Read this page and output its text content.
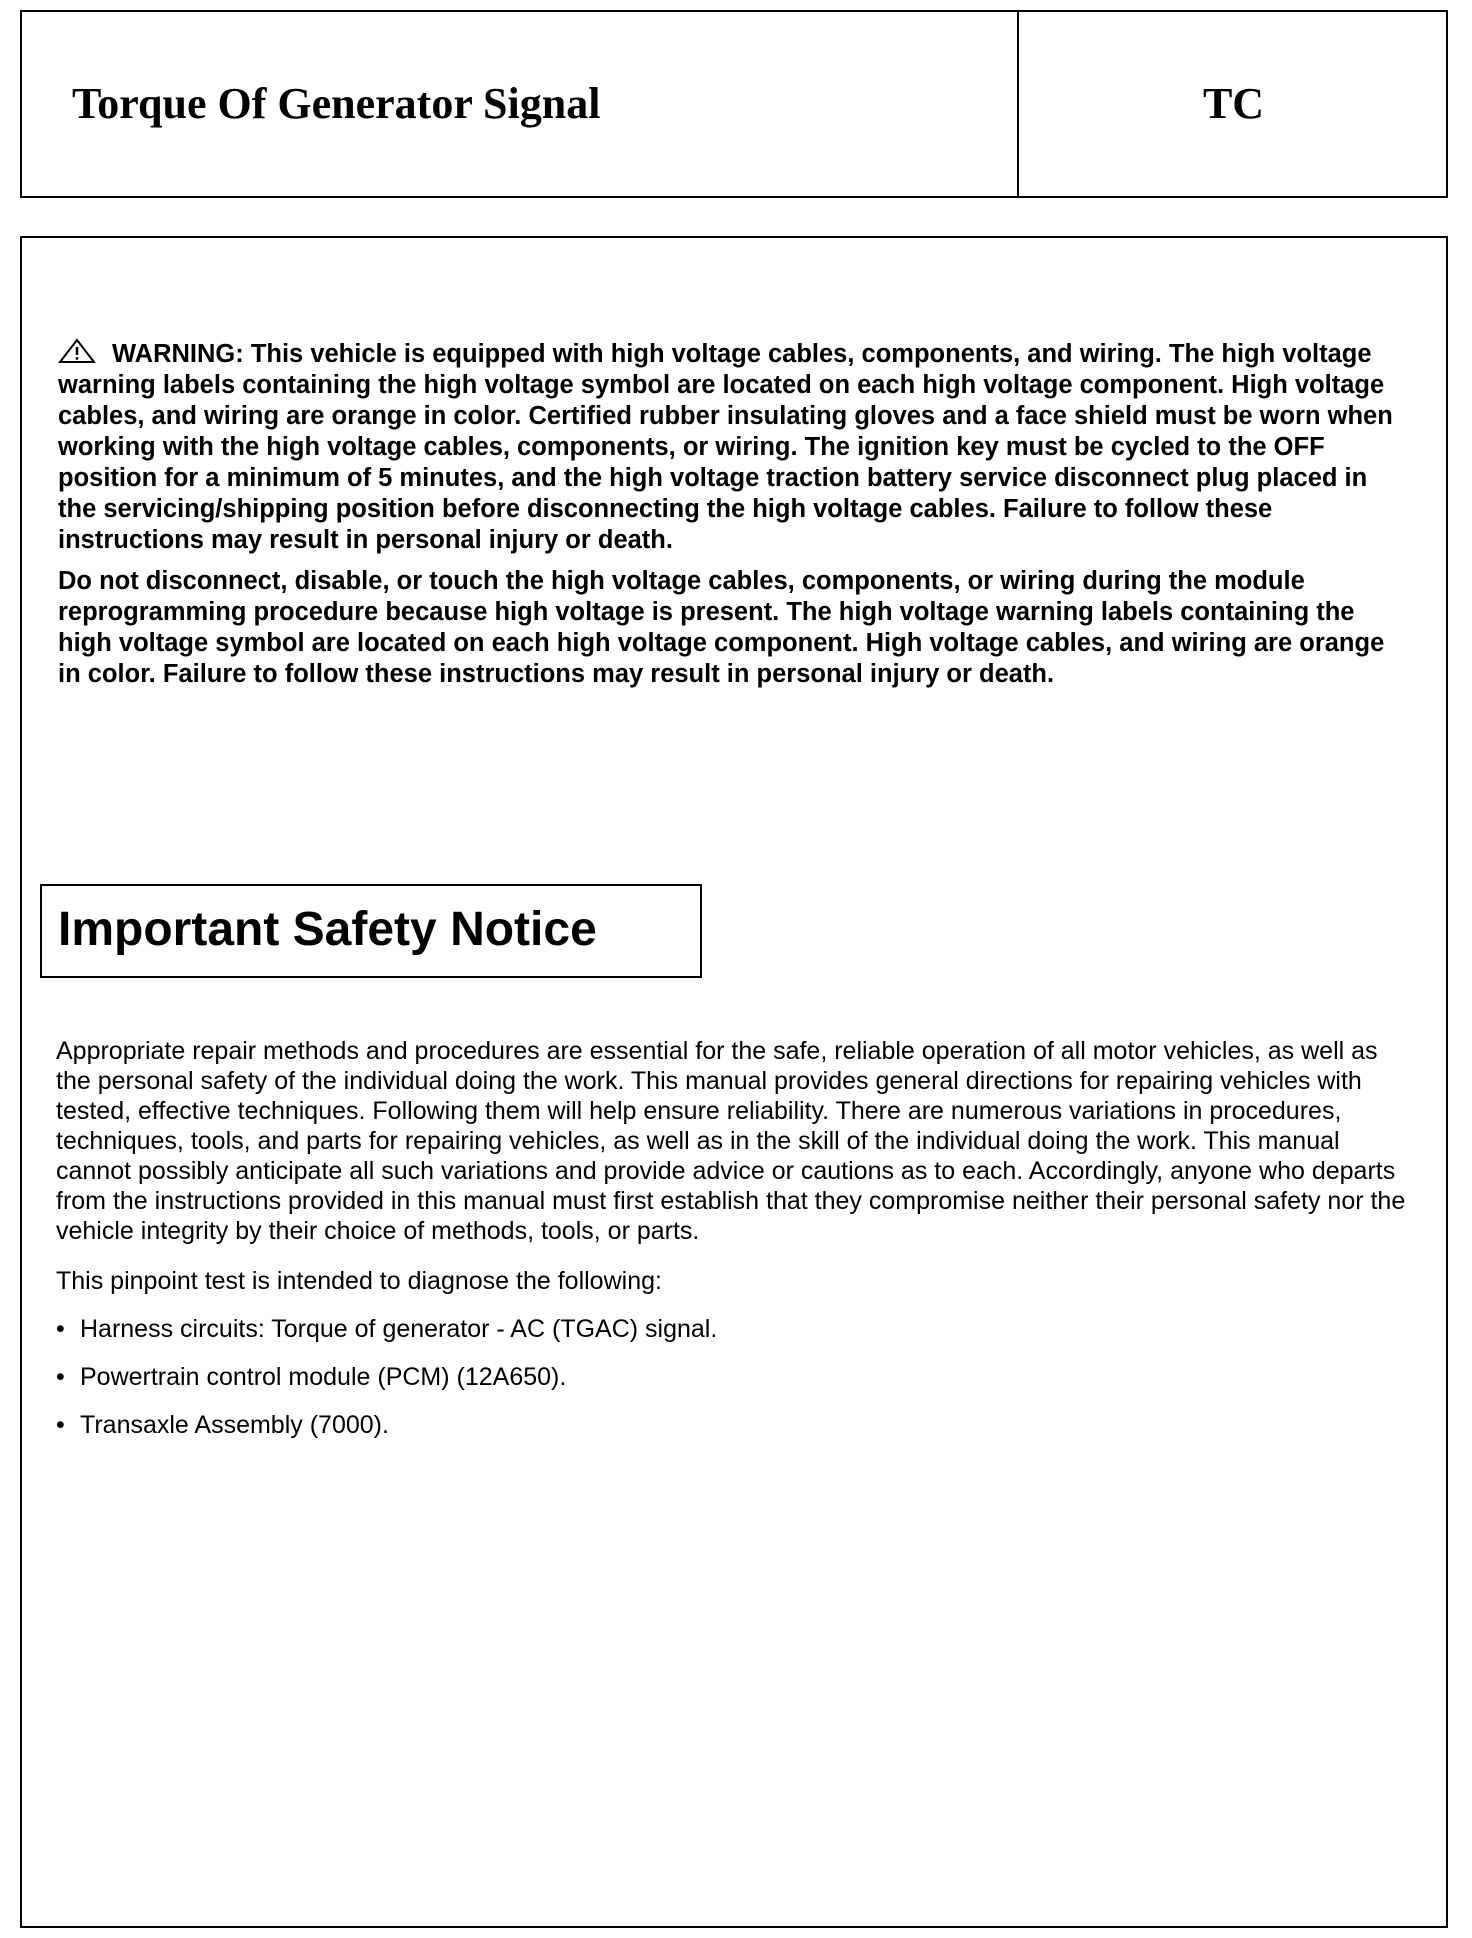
Torque Of Generator Signal	TC

WARNING: This vehicle is equipped with high voltage cables, components, and wiring. The high voltage warning labels containing the high voltage symbol are located on each high voltage component. High voltage cables, and wiring are orange in color. Certified rubber insulating gloves and a face shield must be worn when working with the high voltage cables, components, or wiring. The ignition key must be cycled to the OFF position for a minimum of 5 minutes, and the high voltage traction battery service disconnect plug placed in the servicing/shipping position before disconnecting the high voltage cables. Failure to follow these instructions may result in personal injury or death.

Do not disconnect, disable, or touch the high voltage cables, components, or wiring during the module reprogramming procedure because high voltage is present. The high voltage warning labels containing the high voltage symbol are located on each high voltage component. High voltage cables, and wiring are orange in color. Failure to follow these instructions may result in personal injury or death.

Important Safety Notice

Appropriate repair methods and procedures are essential for the safe, reliable operation of all motor vehicles, as well as the personal safety of the individual doing the work. This manual provides general directions for repairing vehicles with tested, effective techniques. Following them will help ensure reliability. There are numerous variations in procedures, techniques, tools, and parts for repairing vehicles, as well as in the skill of the individual doing the work. This manual cannot possibly anticipate all such variations and provide advice or cautions as to each. Accordingly, anyone who departs from the instructions provided in this manual must first establish that they compromise neither their personal safety nor the vehicle integrity by their choice of methods, tools, or parts.

This pinpoint test is intended to diagnose the following:

• Harness circuits: Torque of generator - AC (TGAC) signal.
• Powertrain control module (PCM) (12A650).
• Transaxle Assembly (7000).
